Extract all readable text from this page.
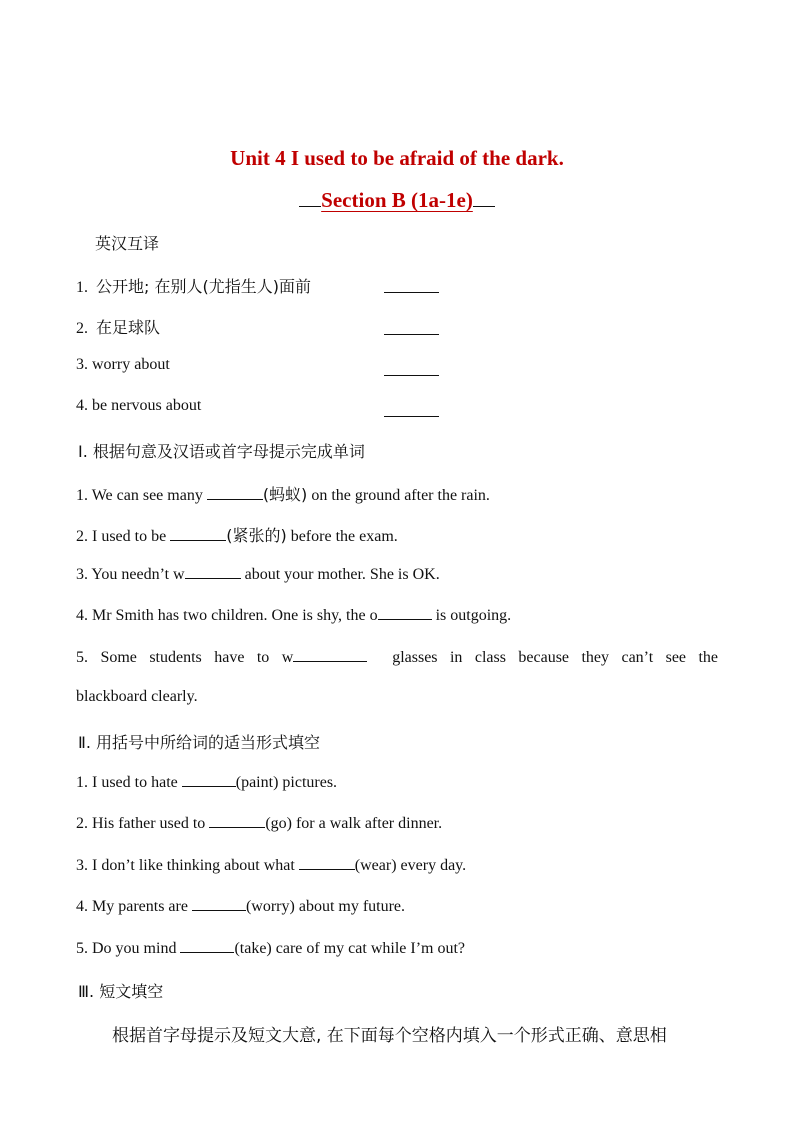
Unit 4 I used to be afraid of the dark.
Section B (1a-1e)
英汉互译
1. 公开地; 在别人(尤指生人)面前
2. 在足球队
3. worry about
4. be nervous about
Ⅰ. 根据句意及汉语或首字母提示完成单词
1. We can see many	(蚂蚁) on the ground after the rain.
2. I used to be	(紧张的) before the exam.
3. You needn’t w	about your mother. She is OK.
4. Mr Smith has two children. One is shy, the o	is outgoing.
5. Some students have to w	glasses in class because they can’t see the
blackboard clearly.
Ⅱ. 用括号中所给词的适当形式填空
1. I used to hate	(paint) pictures.
2. His father used to	(go) for a walk after dinner.
3. I don’t like thinking about what	(wear) every day.
4. My parents are	(worry) about my future.
5. Do you mind	(take) care of my cat while I’m out?
Ⅲ. 短文填空
根据首字母提示及短文大意, 在下面每个空格内填入一个形式正确、意思相
